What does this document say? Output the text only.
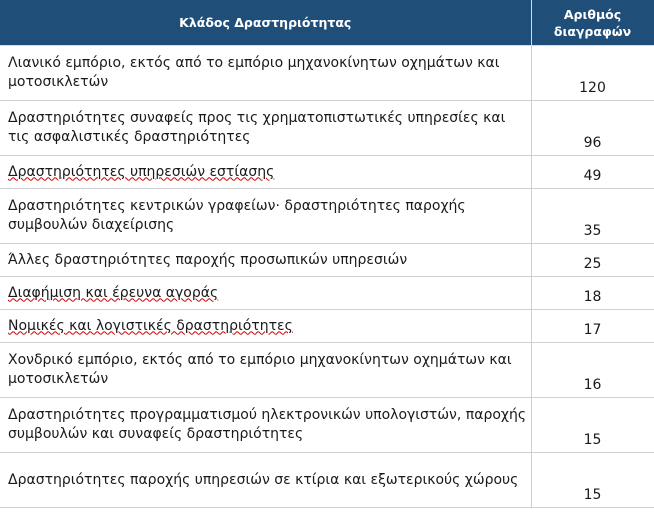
Κλάδος Δραστηριότητας	Αριθμός
διαγραφών

Λιανικό εμπόριο, εκτός από το εμπόριο μηχανοκίνητων οχημάτων και μοτοσικλετών	120
Δραστηριότητες συναφείς προς τις χρηματοπιστωτικές υπηρεσίες και τις ασφαλιστικές δραστηριότητες	96
Δραστηριότητες υπηρεσιών εστίασης	49
Δραστηριότητες κεντρικών γραφείων· δραστηριότητες παροχής συμβουλών διαχείρισης	35
Άλλες δραστηριότητες παροχής προσωπικών υπηρεσιών	25
Διαφήμιση και έρευνα αγοράς	18
Νομικές και λογιστικές δραστηριότητες	17
Χονδρικό εμπόριο, εκτός από το εμπόριο μηχανοκίνητων οχημάτων και μοτοσικλετών	16
Δραστηριότητες προγραμματισμού ηλεκτρονικών υπολογιστών, παροχής συμβουλών και συναφείς δραστηριότητες	15
Δραστηριότητες παροχής υπηρεσιών σε κτίρια και εξωτερικούς χώρους	15
